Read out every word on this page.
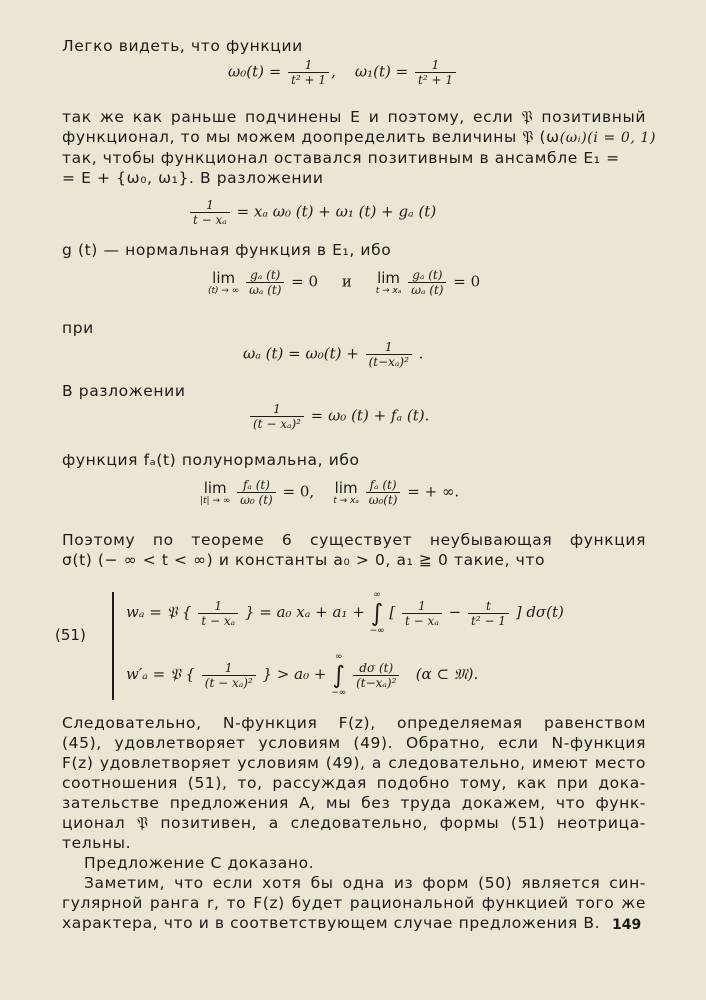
Легко видеть, что функции
$\omega_0(t) = \frac{1}{\text{t² + 1}}$ ,    $\omega_1(t) = \frac{1}{\text{t² + 1}}$
так же как раньше подчинены E и поэтому, если 𝔓 позитивный
функционал, то мы можем доопределить величины 𝔓 (ω(ωᵢ)(i = 0, 1)
так, чтобы функционал оставался позитивным в ансамбле E₁ =
= E + {ω₀, ω₁}. В разложении
$\frac{1}{\text{t − xₐ}} = x_a$ ω₀ (t) + ω₁ (t) + gₐ (t)
g (t) — нормальная функция в E₁, ибо
lim
(t) → ∞
$\frac{\text{gₐ (t)}}{\text{ωₐ (t)}} = 0$ и lim
t → xₐ
$\frac{\text{gₐ (t)}}{\text{ωₐ (t)}} = 0$
при
ωₐ $(t) = \omega_0(t) + \frac{1}{\text{(t−xₐ)²}}$ .
В разложении
$\frac{1}{\text{(t − xₐ)²}} = \omega_0$ (t) + fₐ (t).
функция fₐ(t) полунормальна, ибо
lim
|t| → ∞
$\frac{\text{fₐ (t)}}{\text{ω₀ (t)}} = 0$, lim
t → xₐ
$\frac{\text{fₐ (t)}}{\text{ω₀(t)}}$ = + ∞.
Поэтому по теореме 6 существует неубывающая функция
σ(t) (− ∞ < t < ∞) и константы a₀ > 0, a₁ ≧ 0 такие, что
(51)
wₐ = 𝔓 { $\frac{1}{\text{t − xₐ}}$ } = a₀ xₐ + a₁ +
∞
∫
−∞
[ $\frac{1}{\text{t − xₐ}} - \frac{t}{\text{t² − 1}}$ ] dσ(t)
w′ₐ = 𝔓 { $\frac{1}{\text{(t − xₐ)²}}$ } > a₀ +
∞
∫
−∞

$\frac{d\sigma (t)}{\text{(t−xₐ)²}} (\alpha$ ⊂ 𝔐).
Следовательно, N-функция F(z), определяемая равенством
(45), удовлетворяет условиям (49). Обратно, если N-функция
F(z) удовлетворяет условиям (49), а следовательно, имеют место
соотношения (51), то, рассуждая подобно тому, как при дока-
зательстве предложения A, мы без труда докажем, что функ-
ционал 𝔓 позитивен, а следовательно, формы (51) неотрица-
тельны.
Предложение C доказано.
Заметим, что если хотя бы одна из форм (50) является син-
гулярной ранга r, то F(z) будет рациональной функцией того же
характера, что и в соответствующем случае предложения B. 149
